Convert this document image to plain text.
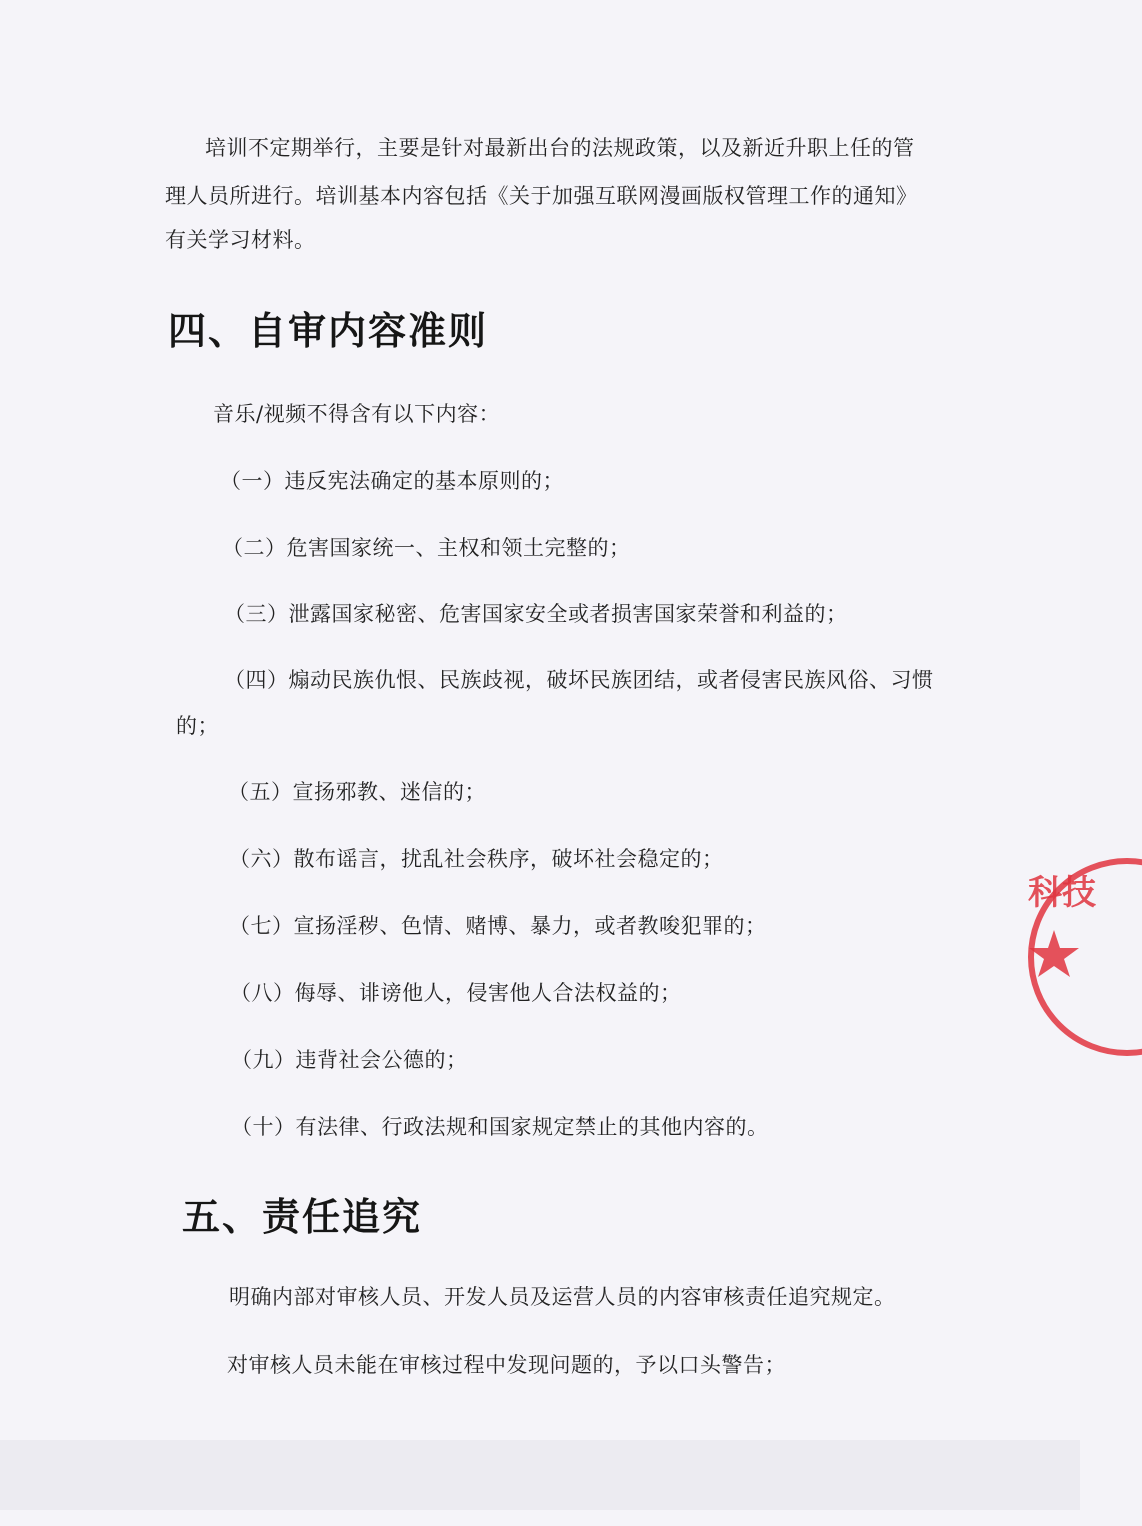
培训不定期举行，主要是针对最新出台的法规政策，以及新近升职上任的管
理人员所进行。培训基本内容包括《关于加强互联网漫画版权管理工作的通知》
有关学习材料。
四、自审内容准则
音乐/视频不得含有以下内容：
（一）违反宪法确定的基本原则的；
（二）危害国家统一、主权和领土完整的；
（三）泄露国家秘密、危害国家安全或者损害国家荣誉和利益的；
（四）煽动民族仇恨、民族歧视，破坏民族团结，或者侵害民族风俗、习惯
的；
（五）宣扬邪教、迷信的；
（六）散布谣言，扰乱社会秩序，破坏社会稳定的；
（七）宣扬淫秽、色情、赌博、暴力，或者教唆犯罪的；
（八）侮辱、诽谤他人，侵害他人合法权益的；
（九）违背社会公德的；
（十）有法律、行政法规和国家规定禁止的其他内容的。
五、责任追究
明确内部对审核人员、开发人员及运营人员的内容审核责任追究规定。
对审核人员未能在审核过程中发现问题的，予以口头警告；
科技
